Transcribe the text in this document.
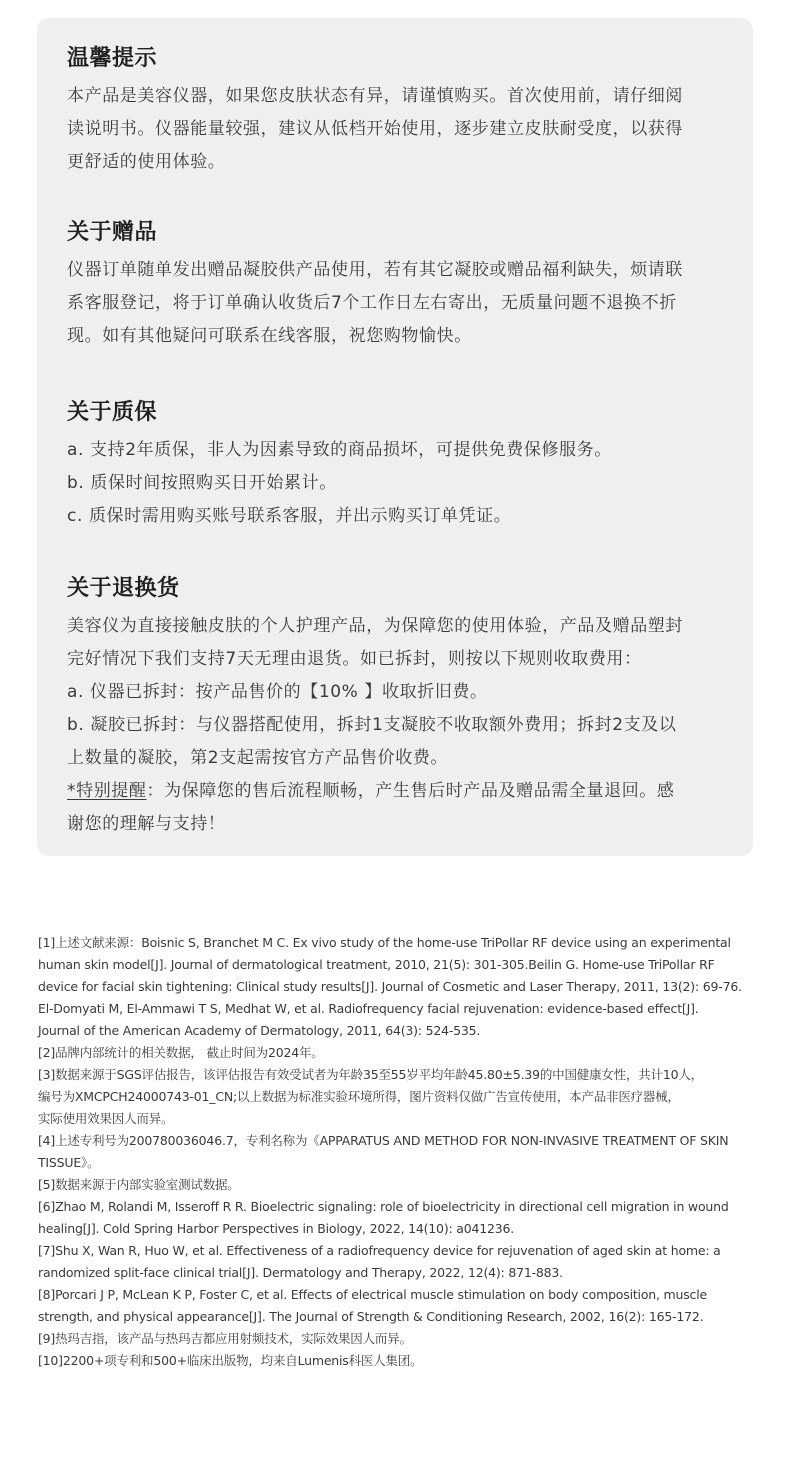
温馨提示

本产品是美容仪器，如果您皮肤状态有异，请谨慎购买。首次使用前，请仔细阅

读说明书。仪器能量较强，建议从低档开始使用，逐步建立皮肤耐受度，以获得

更舒适的使用体验。

关于赠品

仪器订单随单发出赠品凝胶供产品使用，若有其它凝胶或赠品福利缺失，烦请联

系客服登记，将于订单确认收货后7个工作日左右寄出，无质量问题不退换不折

现。如有其他疑问可联系在线客服，祝您购物愉快。

关于质保

a. 支持2年质保，非人为因素导致的商品损坏，可提供免费保修服务。

b. 质保时间按照购买日开始累计。

c. 质保时需用购买账号联系客服，并出示购买订单凭证。

关于退换货

美容仪为直接接触皮肤的个人护理产品，为保障您的使用体验，产品及赠品塑封

完好情况下我们支持7天无理由退货。如已拆封，则按以下规则收取费用：

a. 仪器已拆封：按产品售价的【10% 】收取折旧费。

b. 凝胶已拆封：与仪器搭配使用，拆封1支凝胶不收取额外费用；拆封2支及以

上数量的凝胶，第2支起需按官方产品售价收费。

*特别提醒：为保障您的售后流程顺畅，产生售后时产品及赠品需全量退回。感

谢您的理解与支持！

[1]上述文献来源：Boisnic S, Branchet M C. Ex vivo study of the home-use TriPollar RF device using an experimental

human skin model[J]. Journal of dermatological treatment, 2010, 21(5): 301-305.Beilin G. Home-use TriPollar RF

device for facial skin tightening: Clinical study results[J]. Journal of Cosmetic and Laser Therapy, 2011, 13(2): 69-76.

El-Domyati M, El-Ammawi T S, Medhat W, et al. Radiofrequency facial rejuvenation: evidence-based effect[J].

Journal of the American Academy of Dermatology, 2011, 64(3): 524-535.

[2]品牌内部统计的相关数据， 截止时间为2024年。

[3]数据来源于SGS评估报告，该评估报告有效受试者为年龄35至55岁平均年龄45.80±5.39的中国健康女性，共计10人，

编号为XMCPCH24000743-01_CN;以上数据为标准实验环境所得，图片资料仅做广告宣传使用，本产品非医疗器械，

实际使用效果因人而异。

[4]上述专利号为200780036046.7，专利名称为《APPARATUS AND METHOD FOR NON-INVASIVE TREATMENT OF SKIN

TISSUE》。

[5]数据来源于内部实验室测试数据。

[6]Zhao M, Rolandi M, Isseroff R R. Bioelectric signaling: role of bioelectricity in directional cell migration in wound

healing[J]. Cold Spring Harbor Perspectives in Biology, 2022, 14(10): a041236.

[7]Shu X, Wan R, Huo W, et al. Effectiveness of a radiofrequency device for rejuvenation of aged skin at home: a

randomized split-face clinical trial[J]. Dermatology and Therapy, 2022, 12(4): 871-883.

[8]Porcari J P, McLean K P, Foster C, et al. Effects of electrical muscle stimulation on body composition, muscle

strength, and physical appearance[J]. The Journal of Strength & Conditioning Research, 2002, 16(2): 165-172.

[9]热玛吉指，该产品与热玛吉都应用射频技术，实际效果因人而异。

[10]2200+项专利和500+临床出版物，均来自Lumenis科医人集团。
